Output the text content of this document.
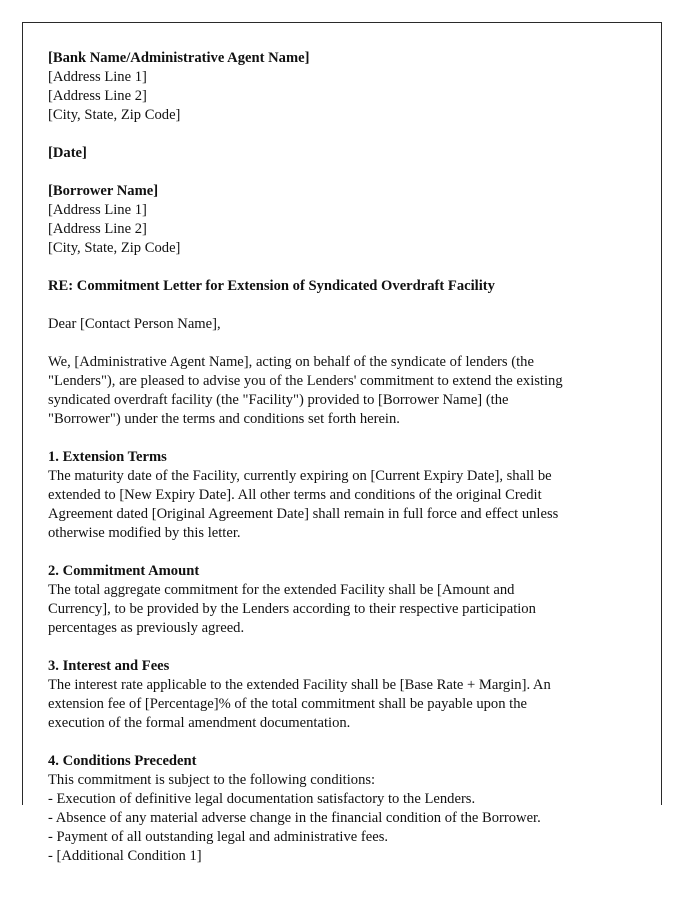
[Bank Name/Administrative Agent Name]
[Address Line 1]
[Address Line 2]
[City, State, Zip Code]
[Date]
[Borrower Name]
[Address Line 1]
[Address Line 2]
[City, State, Zip Code]
RE: Commitment Letter for Extension of Syndicated Overdraft Facility
Dear [Contact Person Name],

We, [Administrative Agent Name], acting on behalf of the syndicate of lenders (the "Lenders"), are pleased to advise you of the Lenders' commitment to extend the existing syndicated overdraft facility (the "Facility") provided to [Borrower Name] (the "Borrower") under the terms and conditions set forth herein.

1. Extension Terms

The maturity date of the Facility, currently expiring on [Current Expiry Date], shall be extended to [New Expiry Date]. All other terms and conditions of the original Credit Agreement dated [Original Agreement Date] shall remain in full force and effect unless otherwise modified by this letter.

2. Commitment Amount

The total aggregate commitment for the extended Facility shall be [Amount and Currency], to be provided by the Lenders according to their respective participation percentages as previously agreed.

3. Interest and Fees

The interest rate applicable to the extended Facility shall be [Base Rate + Margin]. An extension fee of [Percentage]% of the total commitment shall be payable upon the execution of the formal amendment documentation.

4. Conditions Precedent
This commitment is subject to the following conditions:
- Execution of definitive legal documentation satisfactory to the Lenders.
- Absence of any material adverse change in the financial condition of the Borrower.
- Payment of all outstanding legal and administrative fees.
- [Additional Condition 1]
